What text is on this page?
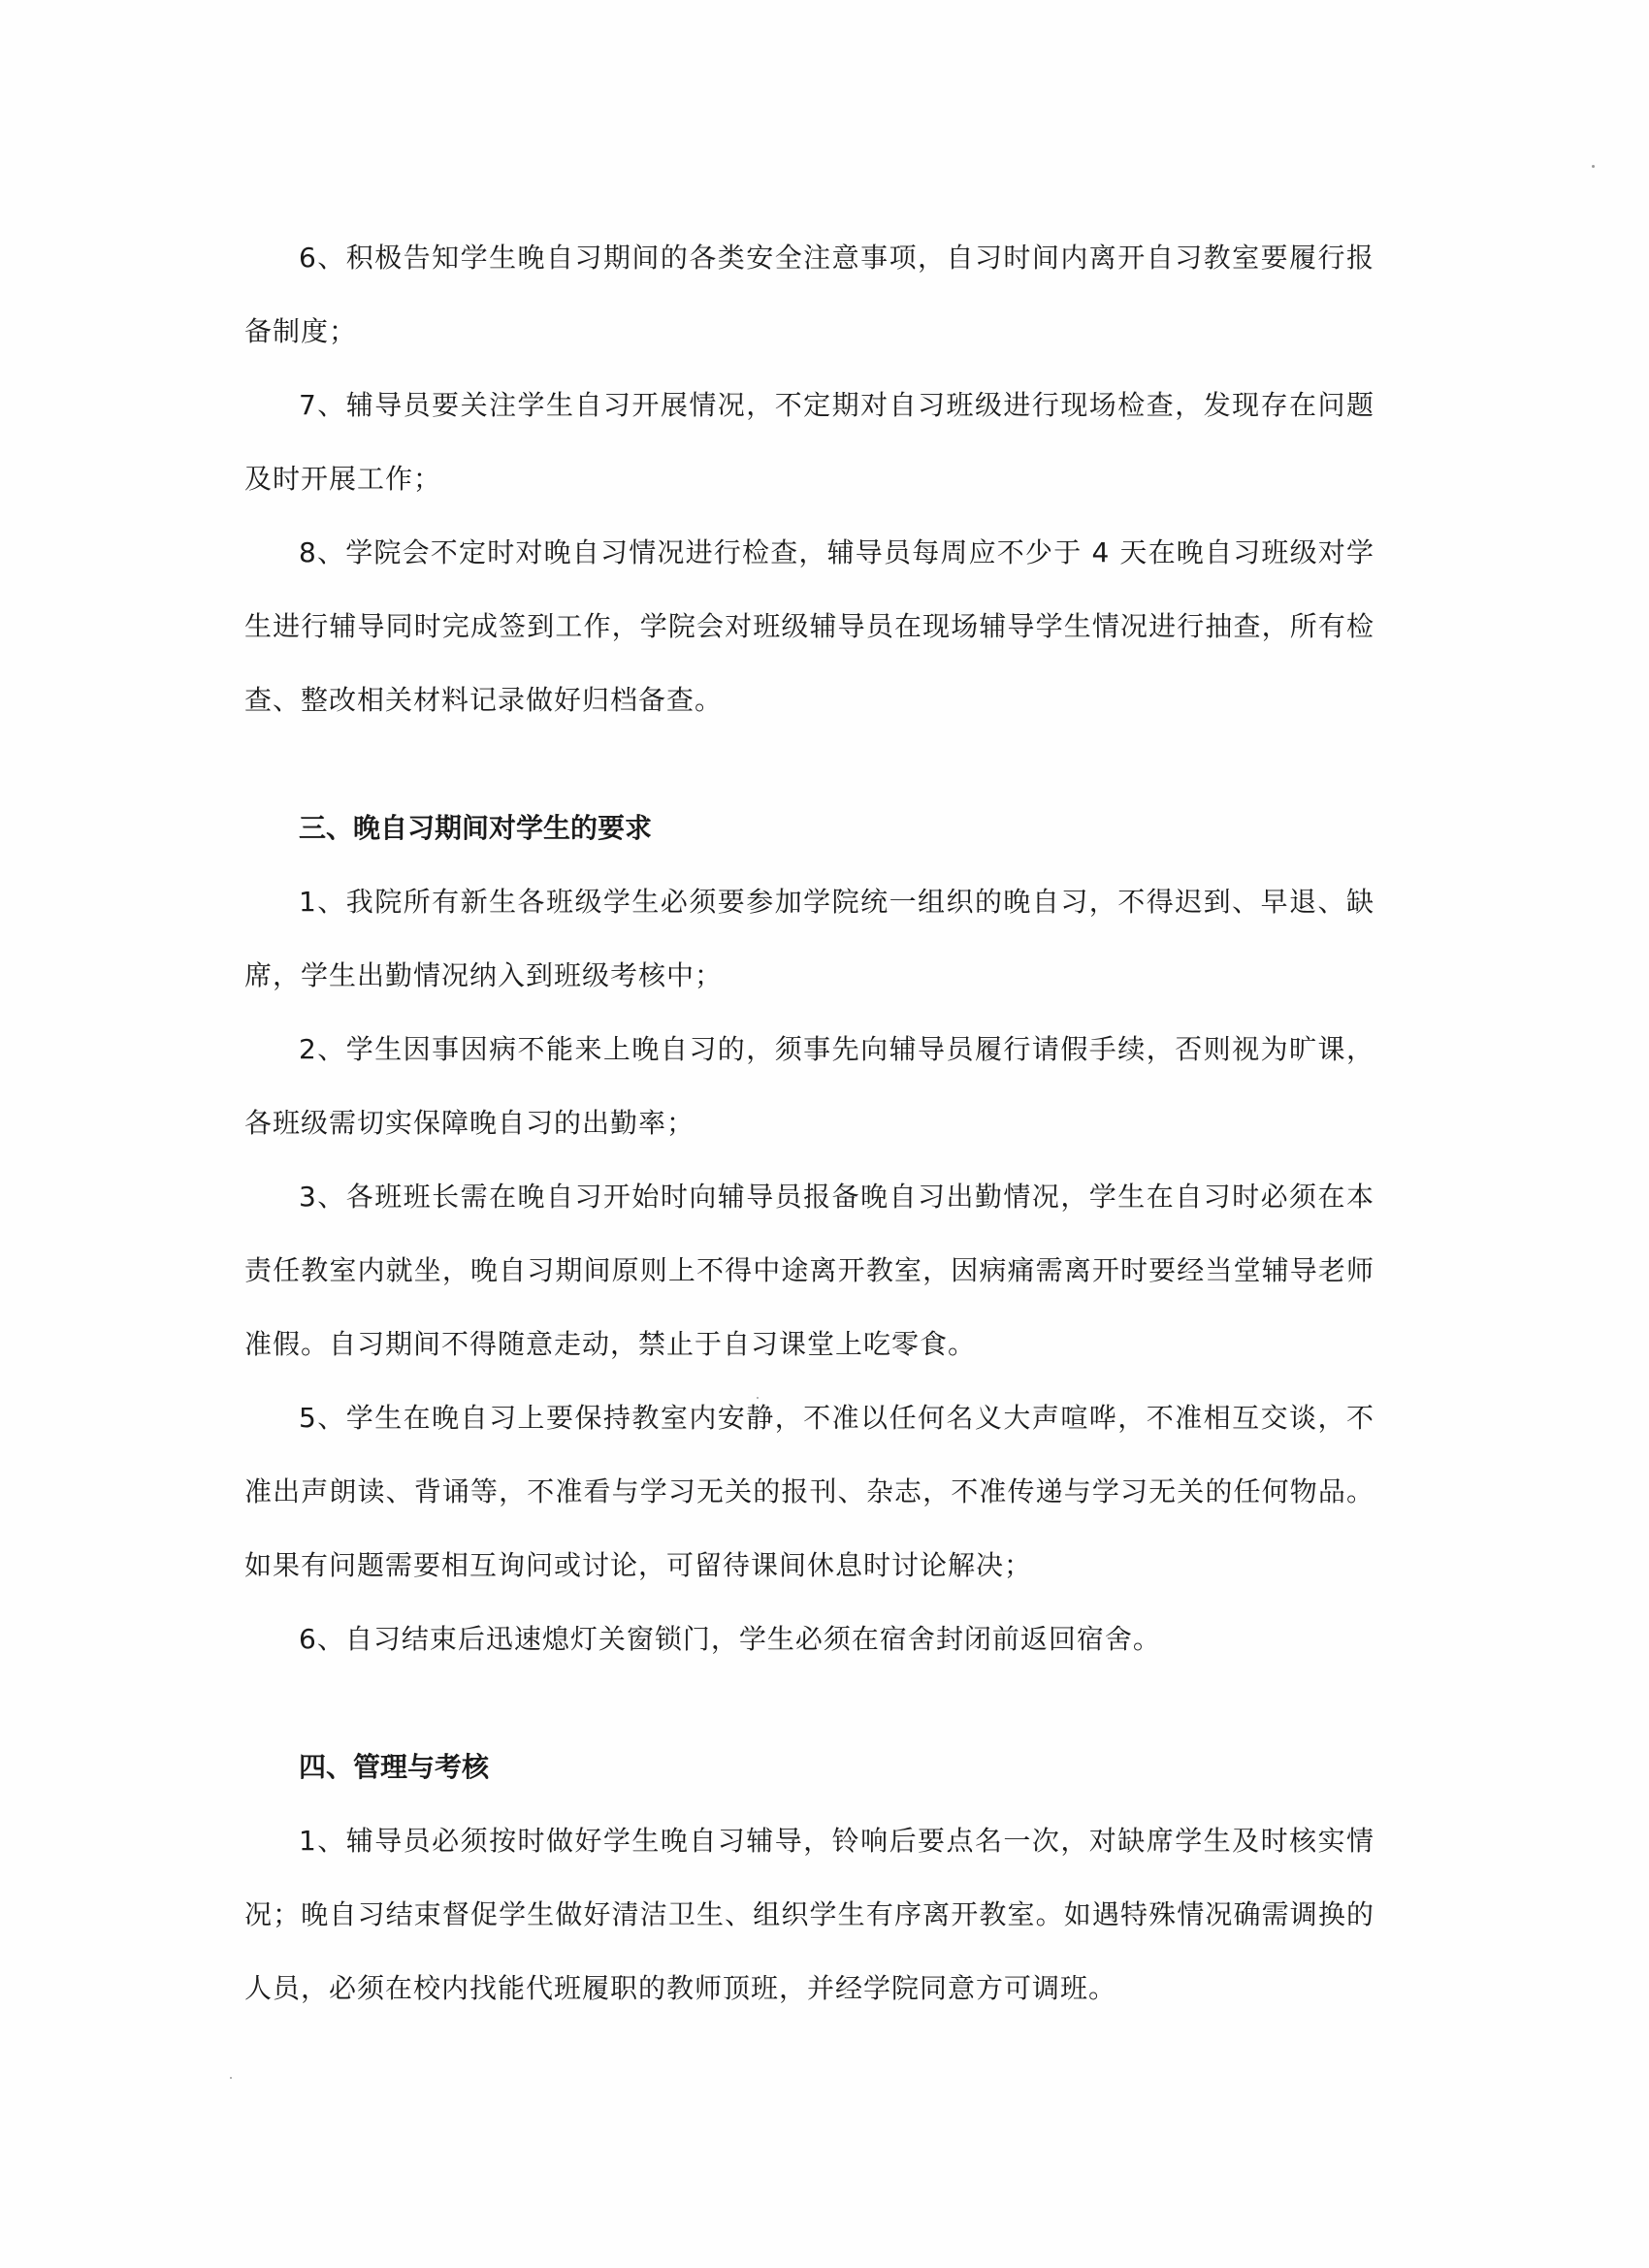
6、积极告知学生晚自习期间的各类安全注意事项，自习时间内离开自习教室要履行报备制度；

7、辅导员要关注学生自习开展情况，不定期对自习班级进行现场检查，发现存在问题及时开展工作；

8、学院会不定时对晚自习情况进行检查，辅导员每周应不少于 4 天在晚自习班级对学生进行辅导同时完成签到工作，学院会对班级辅导员在现场辅导学生情况进行抽查，所有检查、整改相关材料记录做好归档备查。

三、晚自习期间对学生的要求

1、我院所有新生各班级学生必须要参加学院统一组织的晚自习，不得迟到、早退、缺席，学生出勤情况纳入到班级考核中；

2、学生因事因病不能来上晚自习的，须事先向辅导员履行请假手续，否则视为旷课，各班级需切实保障晚自习的出勤率；

3、各班班长需在晚自习开始时向辅导员报备晚自习出勤情况，学生在自习时必须在本责任教室内就坐，晚自习期间原则上不得中途离开教室，因病痛需离开时要经当堂辅导老师准假。自习期间不得随意走动，禁止于自习课堂上吃零食。

5、学生在晚自习上要保持教室内安静，不准以任何名义大声喧哗，不准相互交谈，不准出声朗读、背诵等，不准看与学习无关的报刊、杂志，不准传递与学习无关的任何物品。如果有问题需要相互询问或讨论，可留待课间休息时讨论解决；

6、自习结束后迅速熄灯关窗锁门，学生必须在宿舍封闭前返回宿舍。

四、管理与考核

1、辅导员必须按时做好学生晚自习辅导，铃响后要点名一次，对缺席学生及时核实情况；晚自习结束督促学生做好清洁卫生、组织学生有序离开教室。如遇特殊情况确需调换的人员，必须在校内找能代班履职的教师顶班，并经学院同意方可调班。
